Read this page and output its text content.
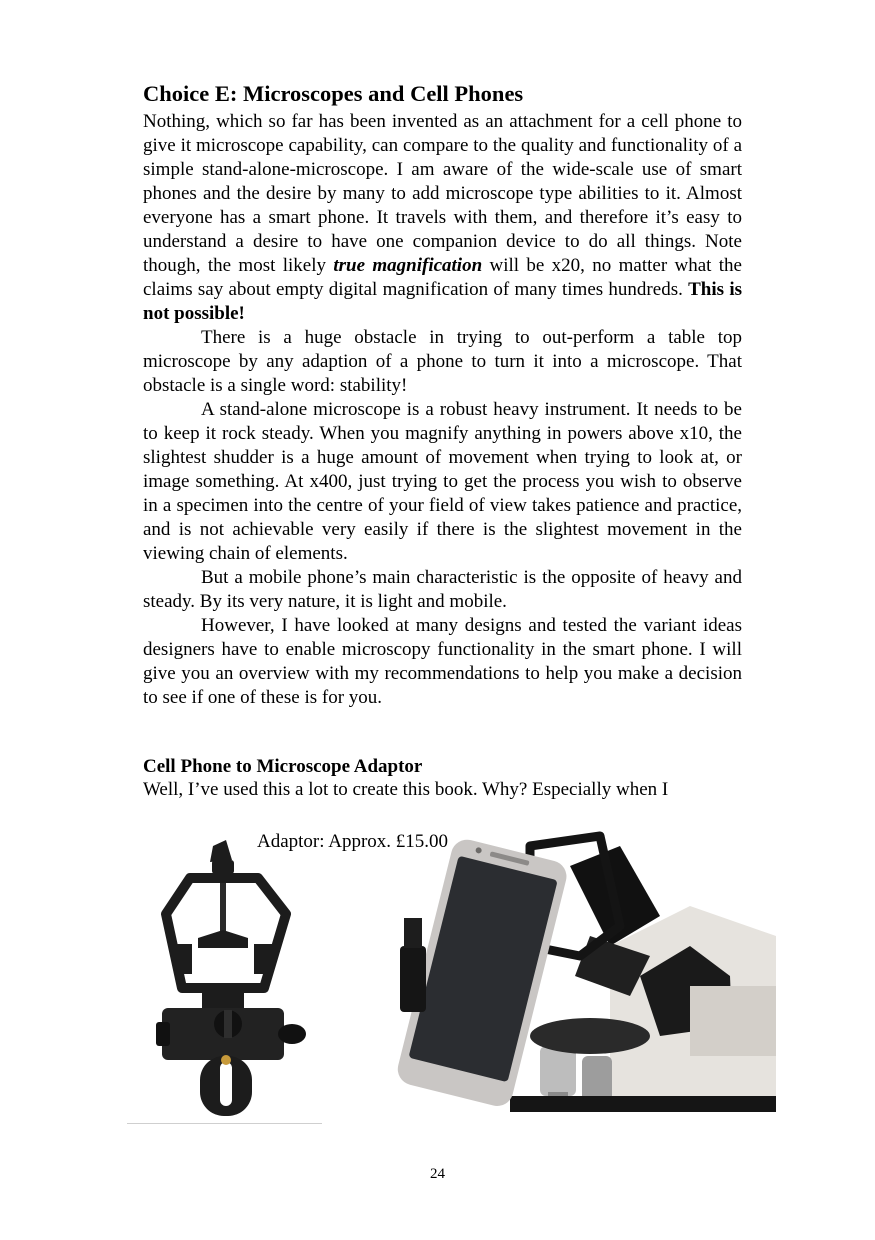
Choice E: Microscopes and Cell Phones

Nothing, which so far has been invented as an attachment for a cell phone to give it microscope capability, can compare to the quality and functionality of a simple stand-alone-microscope. I am aware of the wide-scale use of smart phones and the desire by many to add microscope type abilities to it. Almost everyone has a smart phone. It travels with them, and therefore it’s easy to understand a desire to have one companion device to do all things. Note though, the most likely true magnification will be x20, no matter what the claims say about empty digital magnification of many times hundreds. This is not possible!

There is a huge obstacle in trying to out-perform a table top microscope by any adaption of a phone to turn it into a microscope. That obstacle is a single word: stability!

A stand-alone microscope is a robust heavy instrument. It needs to be to keep it rock steady. When you magnify anything in powers above x10, the slightest shudder is a huge amount of movement when trying to look at, or image something. At x400, just trying to get the process you wish to observe in a specimen into the centre of your field of view takes patience and practice, and is not achievable very easily if there is the slightest movement in the viewing chain of elements.

But a mobile phone’s main characteristic is the opposite of heavy and steady. By its very nature, it is light and mobile.

However, I have looked at many designs and tested the variant ideas designers have to enable microscopy functionality in the smart phone. I will give you an overview with my recommendations to help you make a decision to see if one of these is for you.

Cell Phone to Microscope Adaptor
Well, I’ve used this a lot to create this book. Why? Especially when I
Adaptor: Approx. £15.00
24
